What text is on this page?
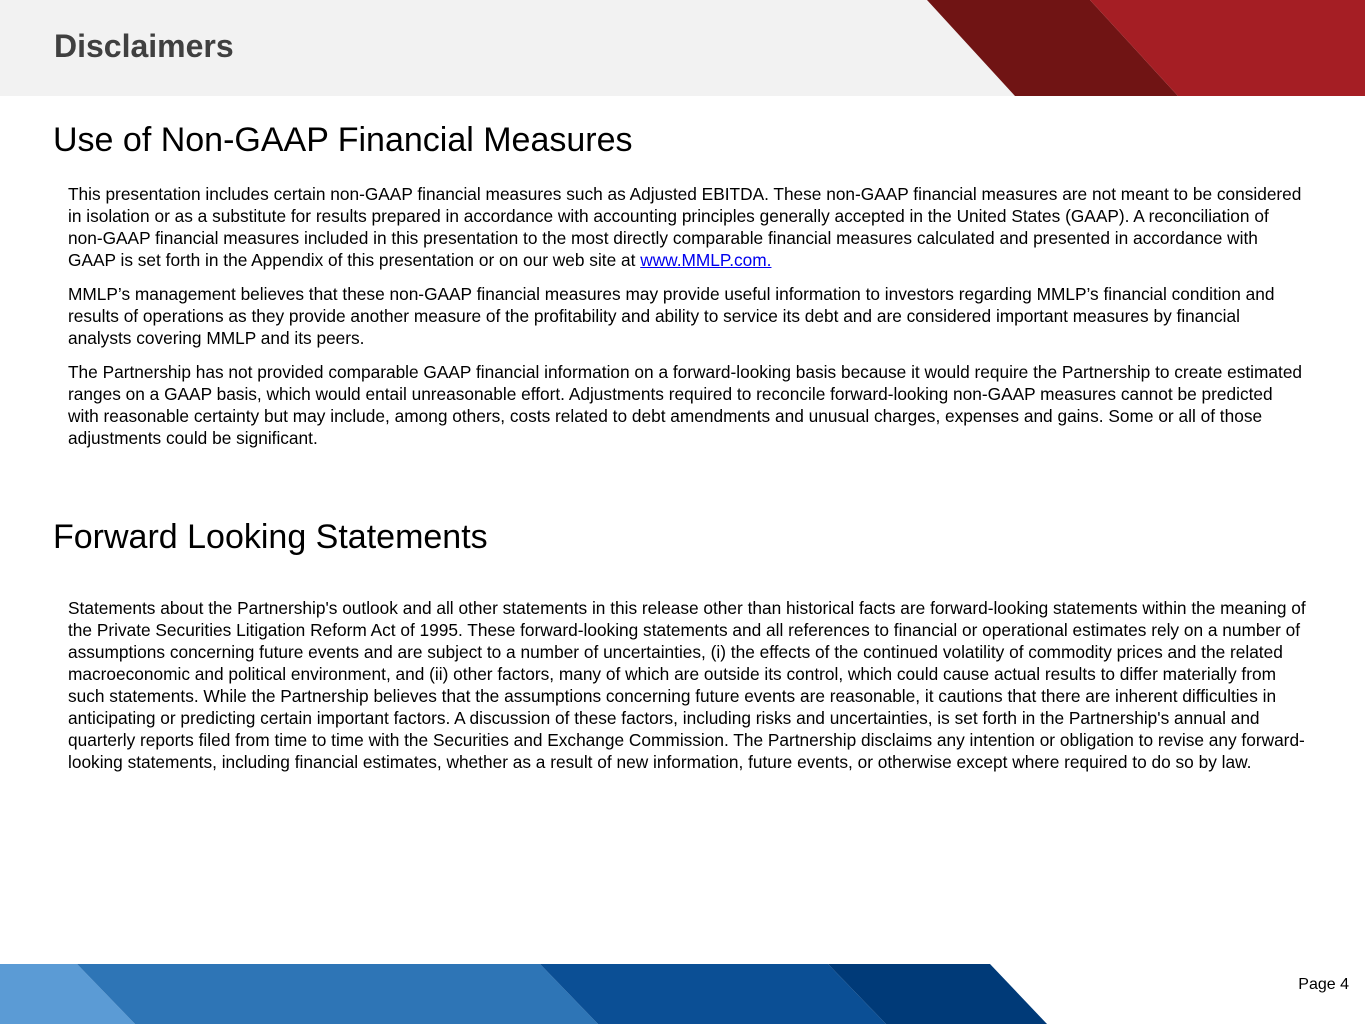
Disclaimers
Use of Non-GAAP Financial Measures

This presentation includes certain non-GAAP financial measures such as Adjusted EBITDA. These non-GAAP financial measures are not meant to be considered in isolation or as a substitute for results prepared in accordance with accounting principles generally accepted in the United States (GAAP). A reconciliation of non-GAAP financial measures included in this presentation to the most directly comparable financial measures calculated and presented in accordance with GAAP is set forth in the Appendix of this presentation or on our web site at www.MMLP.com.

MMLP’s management believes that these non-GAAP financial measures may provide useful information to investors regarding MMLP’s financial condition and results of operations as they provide another measure of the profitability and ability to service its debt and are considered important measures by financial analysts covering MMLP and its peers.

The Partnership has not provided comparable GAAP financial information on a forward-looking basis because it would require the Partnership to create estimated ranges on a GAAP basis, which would entail unreasonable effort. Adjustments required to reconcile forward-looking non-GAAP measures cannot be predicted with reasonable certainty but may include, among others, costs related to debt amendments and unusual charges, expenses and gains. Some or all of those adjustments could be significant.

Forward Looking Statements

Statements about the Partnership's outlook and all other statements in this release other than historical facts are forward-looking statements within the meaning of the Private Securities Litigation Reform Act of 1995. These forward-looking statements and all references to financial or operational estimates rely on a number of assumptions concerning future events and are subject to a number of uncertainties, (i) the effects of the continued volatility of commodity prices and the related macroeconomic and political environment, and (ii) other factors, many of which are outside its control, which could cause actual results to differ materially from such statements. While the Partnership believes that the assumptions concerning future events are reasonable, it cautions that there are inherent difficulties in anticipating or predicting certain important factors. A discussion of these factors, including risks and uncertainties, is set forth in the Partnership's annual and quarterly reports filed from time to time with the Securities and Exchange Commission. The Partnership disclaims any intention or obligation to revise any forward-looking statements, including financial estimates, whether as a result of new information, future events, or otherwise except where required to do so by law.

Page 4
